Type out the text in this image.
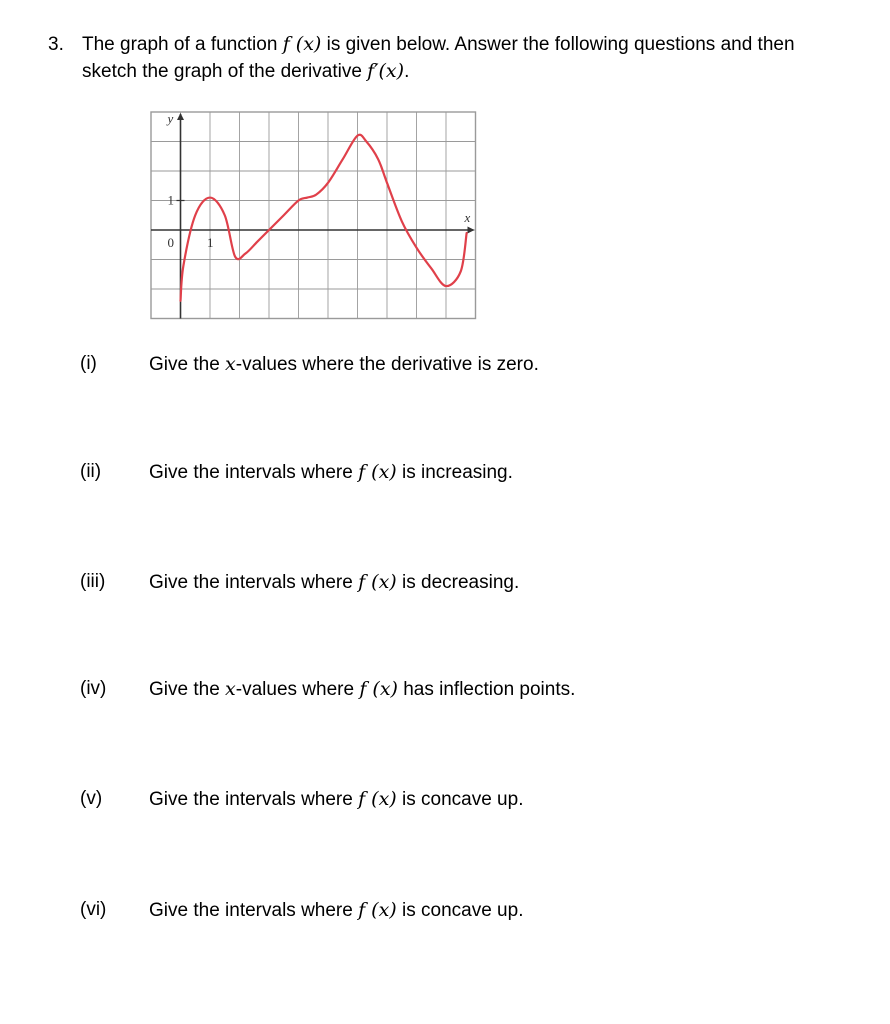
3. The graph of a function f (x) is given below. Answer the following questions and then
sketch the graph of the derivative f′(x).
y
x
0	1
1
(i)	Give the x-values where the derivative is zero.
(ii)	Give the intervals where f (x) is increasing.
(iii) Give the intervals where f (x) is decreasing.
(iv) Give the x-values where f (x) has inflection points.
(v) Give the intervals where f (x) is concave up.
(vi) Give the intervals where f (x) is concave up.
